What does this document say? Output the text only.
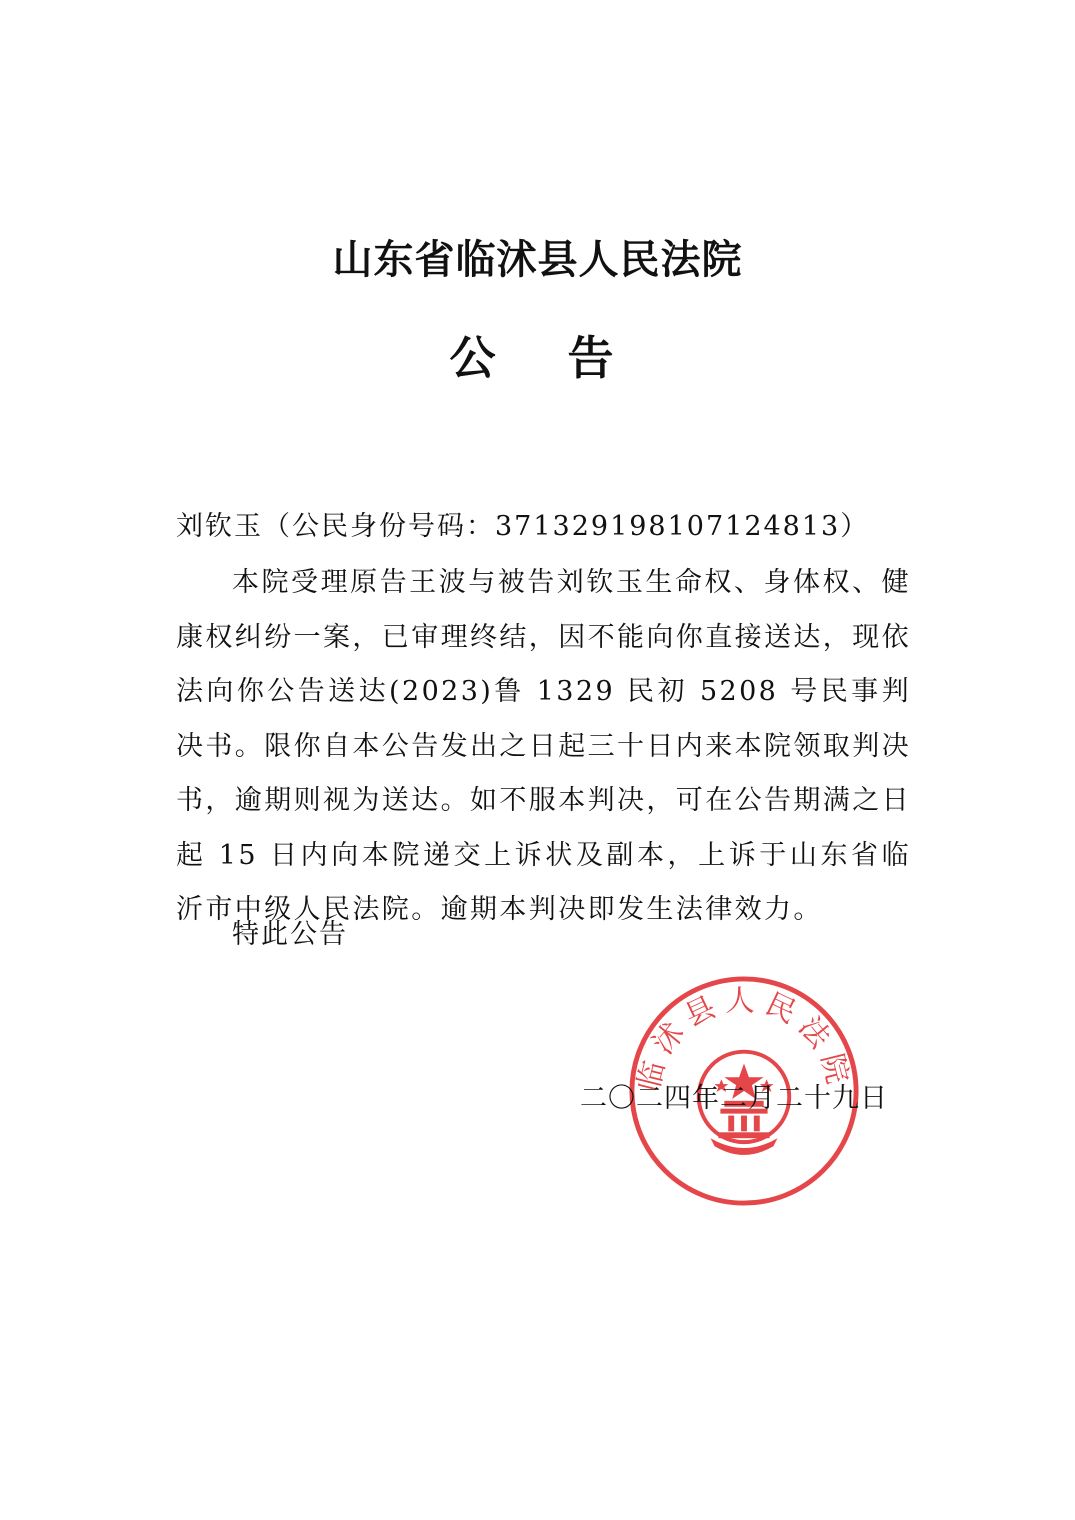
山东省临沭县人民法院
公告
刘钦玉（公民身份号码：371329198107124813）
本院受理原告王波与被告刘钦玉生命权、身体权、健康权纠纷一案，已审理终结，因不能向你直接送达，现依法向你公告送达(2023)鲁 1329 民初 5208 号民事判决书。限你自本公告发出之日起三十日内来本院领取判决书，逾期则视为送达。如不服本判决，可在公告期满之日起 15 日内向本院递交上诉状及副本，上诉于山东省临沂市中级人民法院。逾期本判决即发生法律效力。
特此公告
临沭县人民法院
二〇二四年二月二十九日
